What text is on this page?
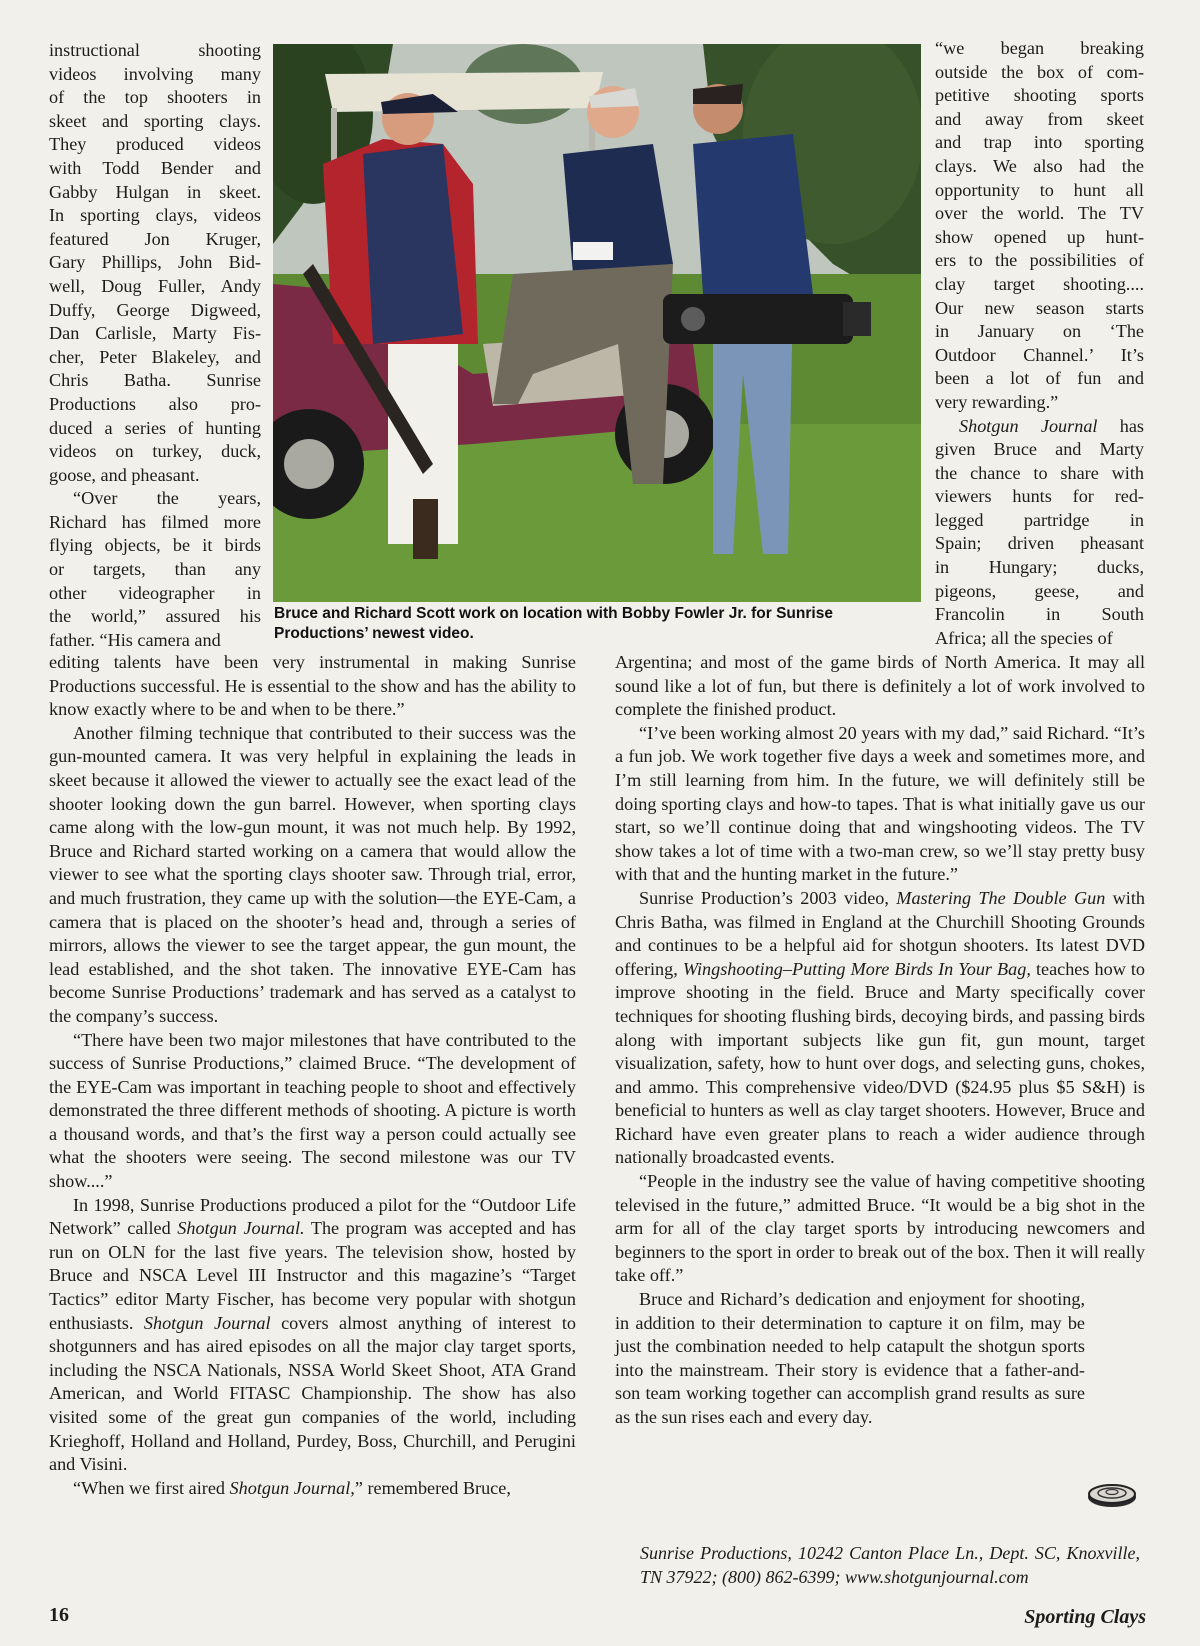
instructional shooting
videos involving many
of the top shooters in
skeet and sporting clays.
They produced videos
with Todd Bender and
Gabby Hulgan in skeet.
In sporting clays, videos
featured Jon Kruger,
Gary Phillips, John Bid-
well, Doug Fuller, Andy
Duffy, George Digweed,
Dan Carlisle, Marty Fis-
cher, Peter Blakeley, and
Chris Batha. Sunrise
Productions also pro-
duced a series of hunting
videos on turkey, duck,
goose, and pheasant.
“Over the years,
Richard has filmed more
flying objects, be it birds
or targets, than any
other videographer in
the world,” assured his
father. “His camera and
“we began breaking
outside the box of com-
petitive shooting sports
and away from skeet
and trap into sporting
clays. We also had the
opportunity to hunt all
over the world. The TV
show opened up hunt-
ers to the possibilities of
clay target shooting....
Our new season starts
in January on ‘The
Outdoor Channel.’ It’s
been a lot of fun and
very rewarding.”
Shotgun Journal has
given Bruce and Marty
the chance to share with
viewers hunts for red-
legged partridge in
Spain; driven pheasant
in Hungary; ducks,
pigeons, geese, and
Francolin in South
Africa; all the species of
Bruce and Richard Scott work on location with Bobby Fowler Jr. for Sunrise
Productions’ newest video.

editing talents have been very instrumental in making Sunrise Productions successful. He is essential to the show and has the ability to know exactly where to be and when to be there.”

Another filming technique that contributed to their success was the gun-mounted camera. It was very helpful in explaining the leads in skeet because it allowed the viewer to actually see the exact lead of the shooter looking down the gun barrel. However, when sporting clays came along with the low-gun mount, it was not much help. By 1992, Bruce and Richard started working on a camera that would allow the viewer to see what the sporting clays shooter saw. Through trial, error, and much frustration, they came up with the solution—the EYE-Cam, a camera that is placed on the shooter’s head and, through a series of mirrors, allows the viewer to see the target appear, the gun mount, the lead established, and the shot taken. The innovative EYE-Cam has become Sunrise Productions’ trademark and has served as a catalyst to the company’s success.

“There have been two major milestones that have contributed to the success of Sunrise Productions,” claimed Bruce. “The development of the EYE-Cam was important in teaching people to shoot and effectively demonstrated the three different methods of shooting. A picture is worth a thousand words, and that’s the first way a person could actually see what the shooters were seeing. The second milestone was our TV show....”

In 1998, Sunrise Productions produced a pilot for the “Outdoor Life Network” called Shotgun Journal. The program was accepted and has run on OLN for the last five years. The television show, hosted by Bruce and NSCA Level III Instructor and this magazine’s “Target Tactics” editor Marty Fischer, has become very popular with shotgun enthusiasts. Shotgun Journal covers almost anything of interest to shotgunners and has aired episodes on all the major clay target sports, including the NSCA Nationals, NSSA World Skeet Shoot, ATA Grand American, and World FITASC Championship. The show has also visited some of the great gun companies of the world, including Krieghoff, Holland and Holland, Purdey, Boss, Churchill, and Perugini and Visini.

“When we first aired Shotgun Journal,” remembered Bruce,

Argentina; and most of the game birds of North America. It may all sound like a lot of fun, but there is definitely a lot of work involved to complete the finished product.

“I’ve been working almost 20 years with my dad,” said Richard. “It’s a fun job. We work together five days a week and sometimes more, and I’m still learning from him. In the future, we will definitely still be doing sporting clays and how-to tapes. That is what initially gave us our start, so we’ll continue doing that and wingshooting videos. The TV show takes a lot of time with a two-man crew, so we’ll stay pretty busy with that and the hunting market in the future.”

Sunrise Production’s 2003 video, Mastering The Double Gun with Chris Batha, was filmed in England at the Churchill Shooting Grounds and continues to be a helpful aid for shotgun shooters. Its latest DVD offering, Wingshooting–Putting More Birds In Your Bag, teaches how to improve shooting in the field. Bruce and Marty specifically cover techniques for shooting flushing birds, decoying birds, and passing birds along with important subjects like gun fit, gun mount, target visualization, safety, how to hunt over dogs, and selecting guns, chokes, and ammo. This comprehensive video/DVD ($24.95 plus $5 S&H) is beneficial to hunters as well as clay target shooters. However, Bruce and Richard have even greater plans to reach a wider audience through nationally broadcasted events.

“People in the industry see the value of having competitive shooting televised in the future,” admitted Bruce. “It would be a big shot in the arm for all of the clay target sports by introducing newcomers and beginners to the sport in order to break out of the box. Then it will really take off.”

Bruce and Richard’s dedication and enjoyment for shooting, in addition to their determination to capture it on film, may be just the combination needed to help catapult the shotgun sports into the mainstream. Their story is evidence that a father-and-son team working together can accomplish grand results as sure as the sun rises each and every day.

Sunrise Productions, 10242 Canton Place Ln., Dept. SC, Knoxville, TN 37922; (800) 862-6399; www.shotgunjournal.com

16	Sporting Clays
